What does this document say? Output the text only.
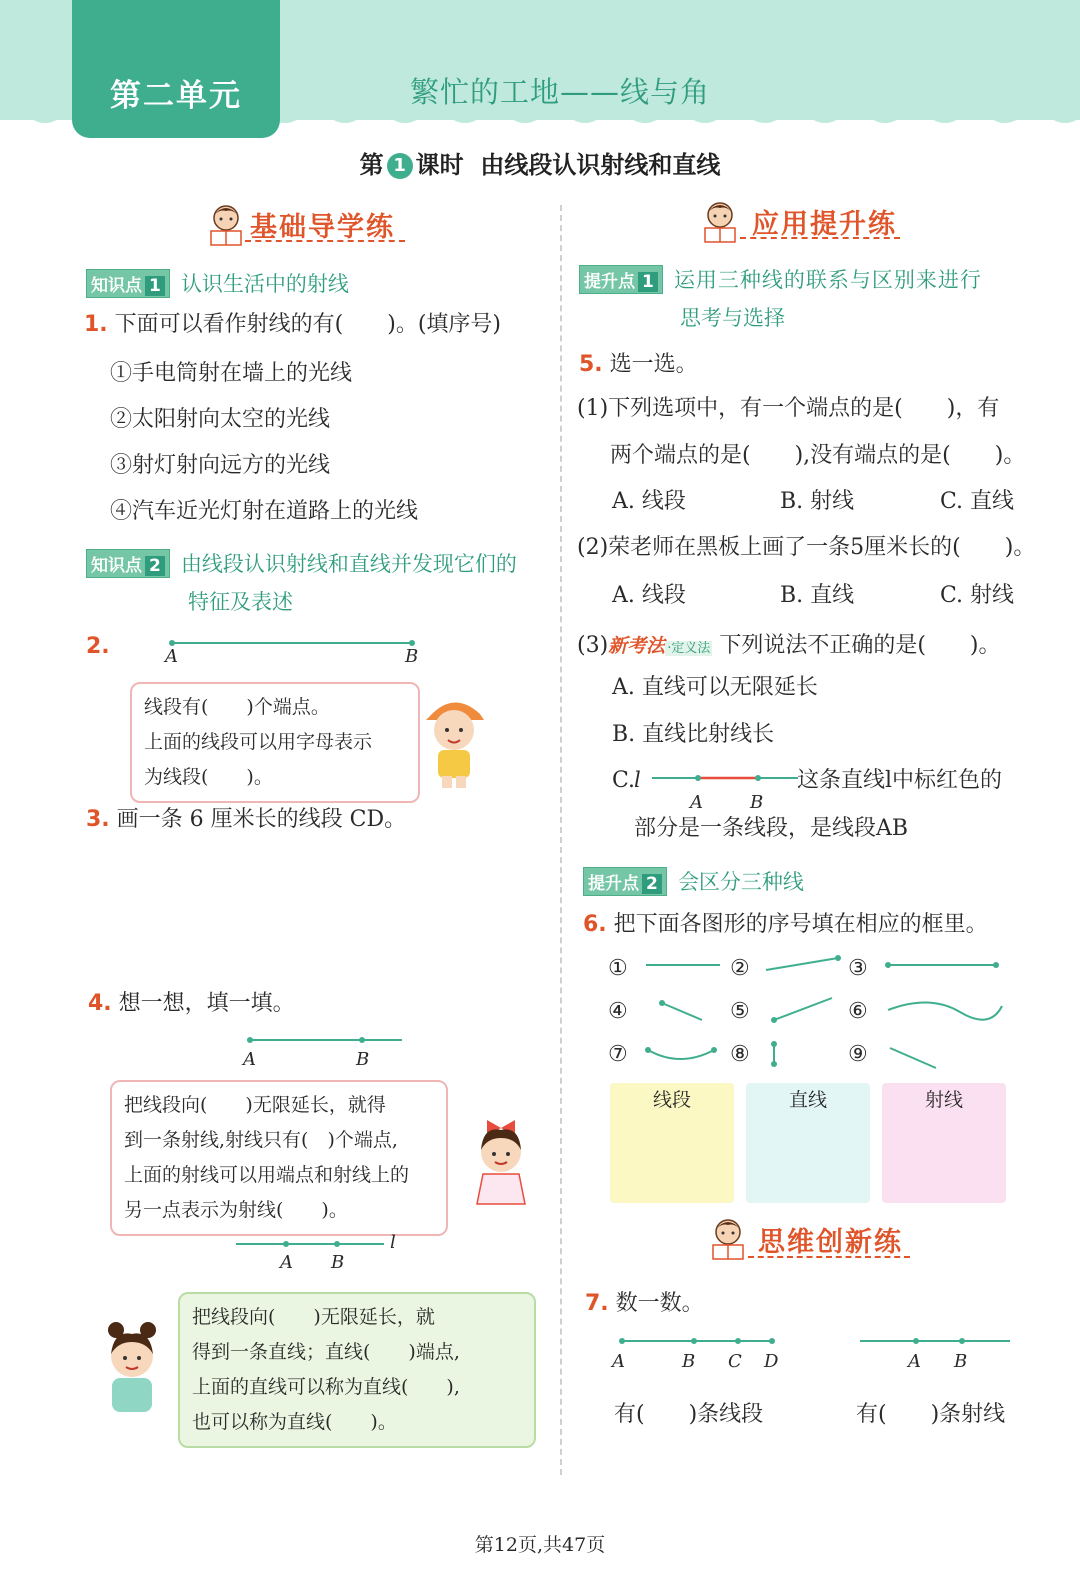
第二单元	繁忙的工地——线与角
第 1 课时 由线段认识射线和直线
基础导学练
知识点 1 认识生活中的射线
1. 下面可以看作射线的有(　　)。(填序号)
①手电筒射在墙上的光线
②太阳射向太空的光线
③射灯射向远方的光线
④汽车近光灯射在道路上的光线
知识点 2 由线段认识射线和直线并发现它们的
特征及表述
2.	A	B
线段有(　　)个端点。
上面的线段可以用字母表示
为线段(　　)。
3. 画一条 6 厘米长的线段 CD。
4. 想一想，填一填。
A	B
把线段向(　　)无限延长，就得
到一条射线,射线只有(　)个端点,
上面的射线可以用端点和射线上的
另一点表示为射线(　　)。
A B
l
把线段向(　　)无限延长，就
得到一条直线；直线(　　)端点,
上面的直线可以称为直线(　　),
也可以称为直线(　　)。
应用提升练
提升点 1 运用三种线的联系与区别来进行
思考与选择
5. 选一选。
(1)下列选项中，有一个端点的是(　　)，有
两个端点的是(　　),没有端点的是(　　)。
A. 线段	B. 射线	C. 直线
(2)荣老师在黑板上画了一条5厘米长的(　　)。
A. 线段	B. 直线	C. 射线
(3)新考法 ·定义法 下列说法不正确的是(　　)。
A. 直线可以无限延长
B. 直线比射线长
C.
l
A	B
这条直线l中标红色的
部分是一条线段，是线段AB
提升点 2 会区分三种线
6. 把下面各图形的序号填在相应的框里。
①	②	③
④	⑤	⑥
⑦	⑧	⑨
线段	直线	射线
思维创新练
7. 数一数。
A	B C D	A B
有(　　)条线段	有(　　)条射线
第12页,共47页
